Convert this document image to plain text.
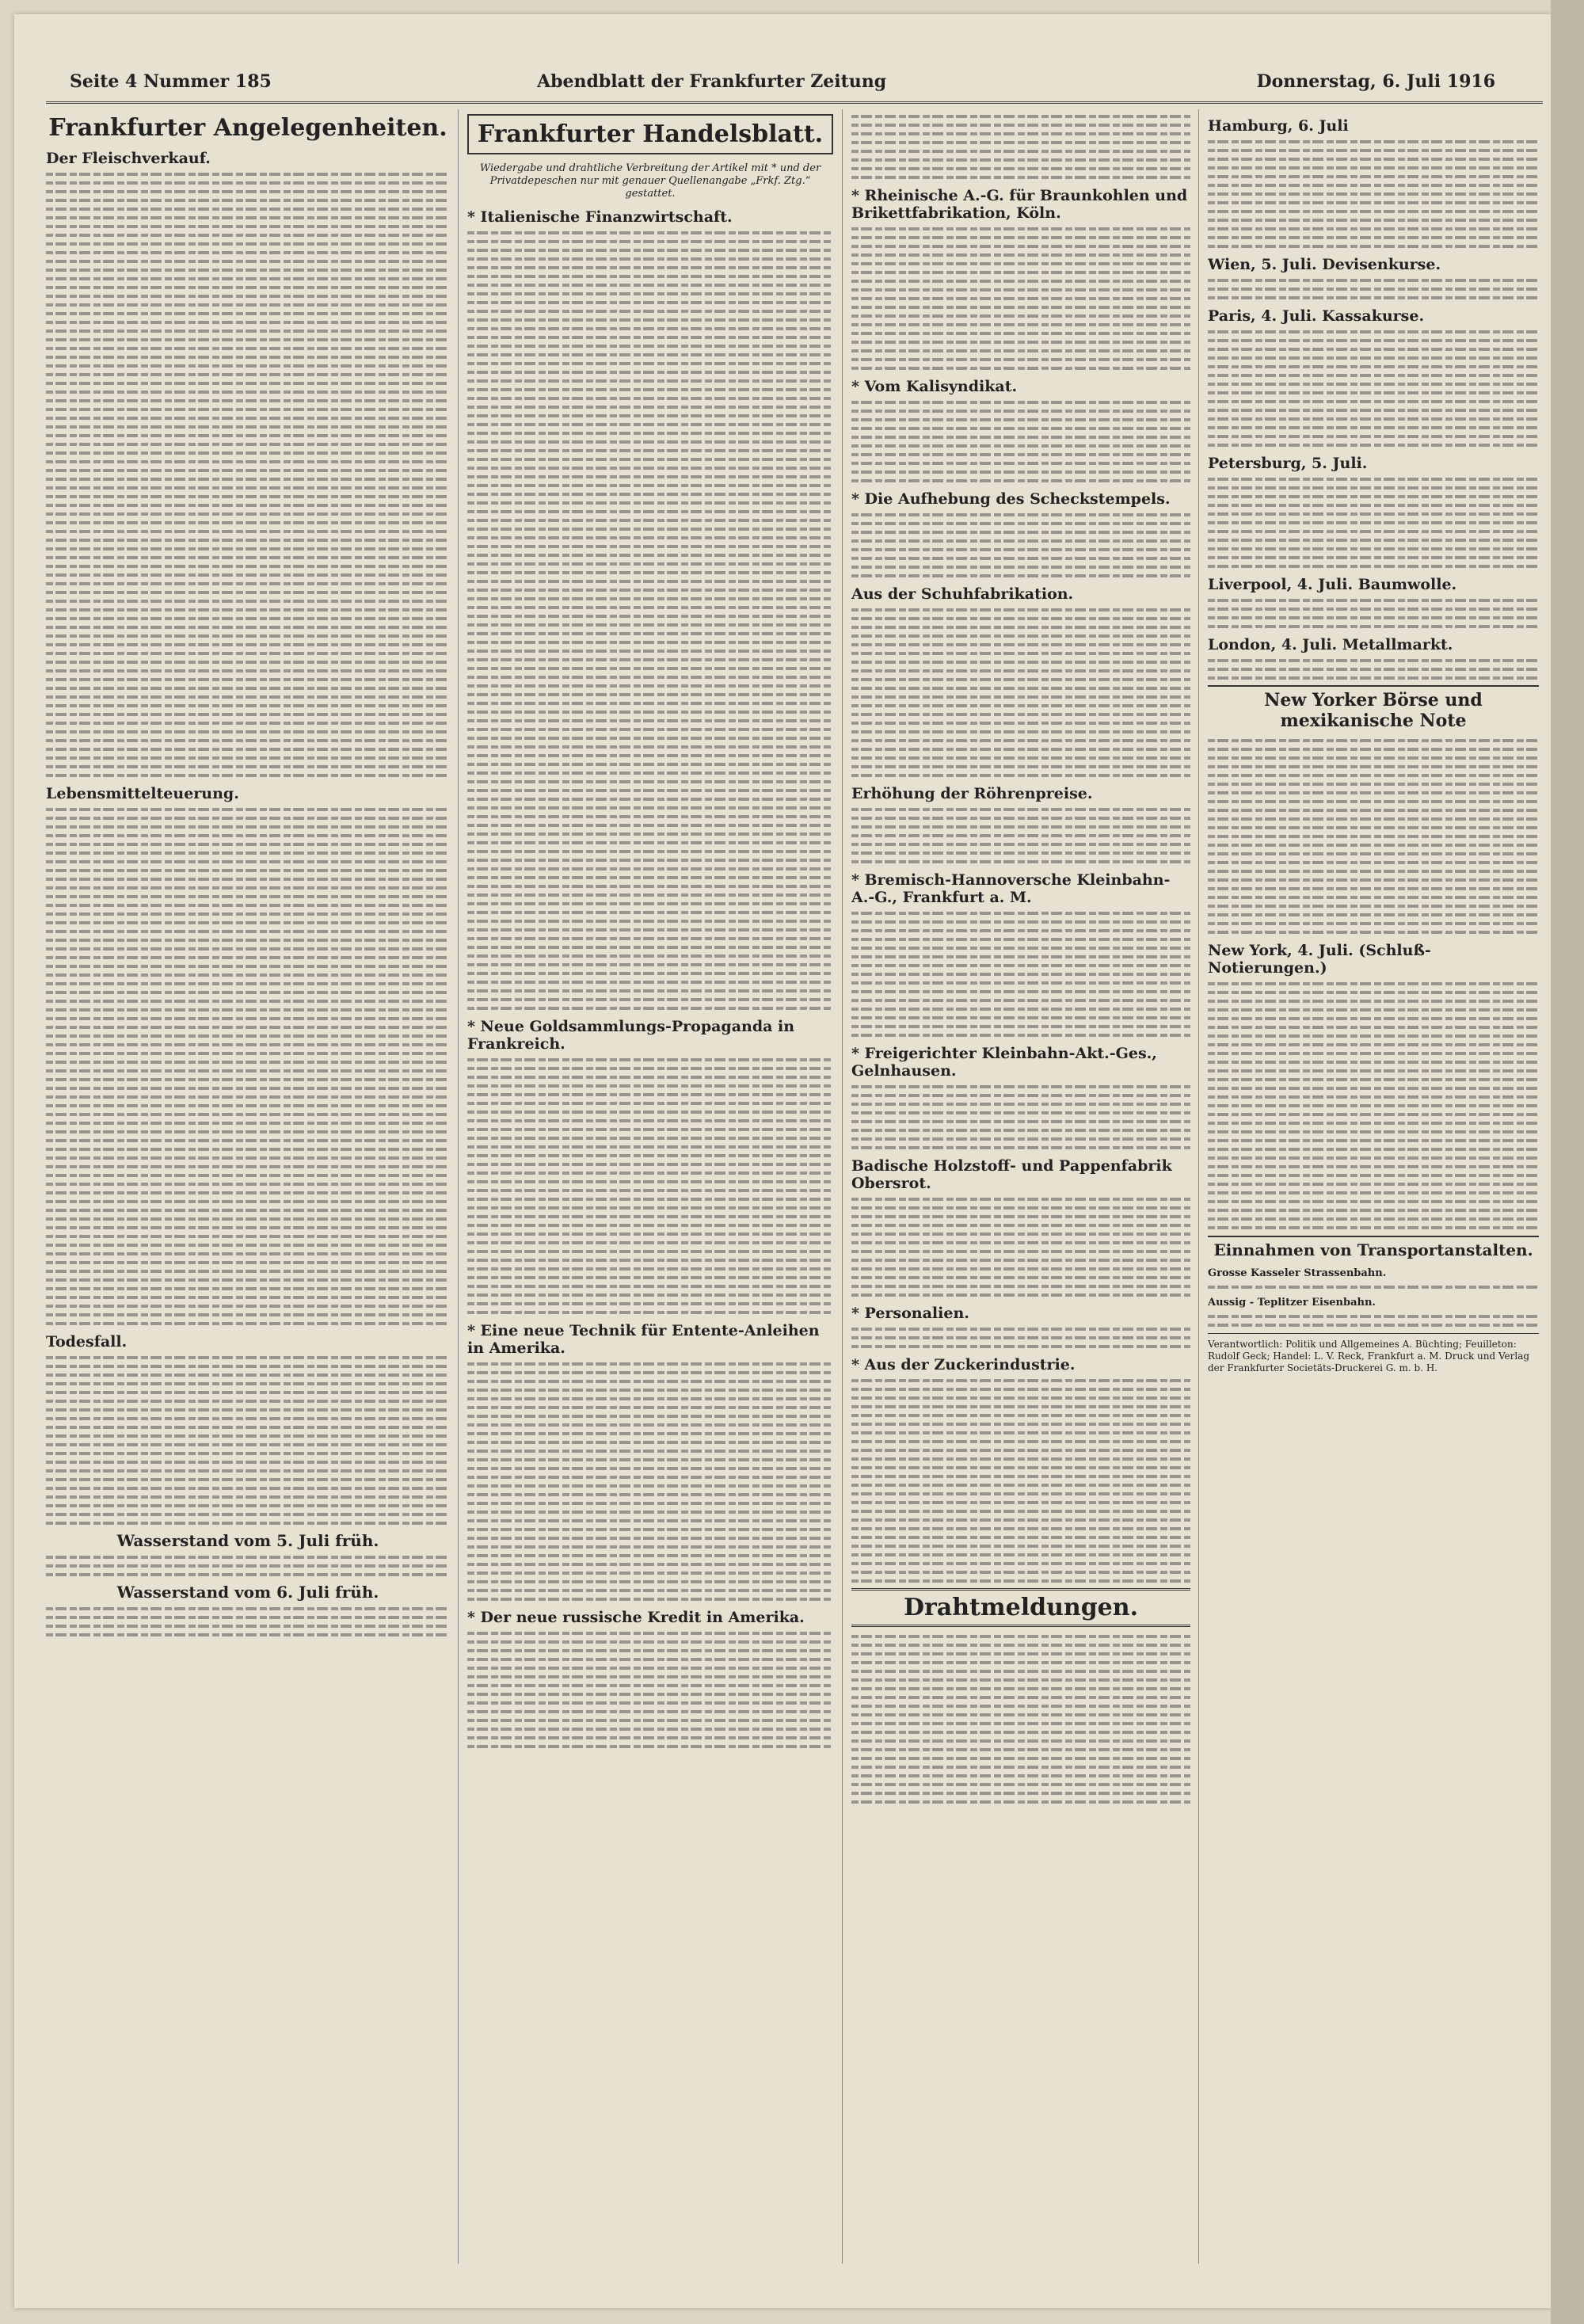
Seite 4 Nummer 185	Abendblatt der Frankfurter Zeitung	Donnerstag, 6. Juli 1916
Frankfurter Angelegenheiten.
Der Fleischverkauf.
Lebensmittelteuerung.
Todesfall.
Wasserstand vom 5. Juli früh.
Wasserstand vom 6. Juli früh.
Frankfurter Handelsblatt.
Wiedergabe und drahtliche Verbreitung der Artikel mit * und der Privatdepeschen nur mit genauer Quellenangabe „Frkf. Ztg.“ gestattet.
* Italienische Finanzwirtschaft.
* Neue Goldsammlungs-Propaganda in Frankreich.
* Eine neue Technik für Entente-Anleihen in Amerika.
* Der neue russische Kredit in Amerika.
* Rheinische A.-G. für Braunkohlen und Brikettfabrikation, Köln.
* Vom Kalisyndikat.
* Die Aufhebung des Scheckstempels.
Aus der Schuhfabrikation.
Erhöhung der Röhrenpreise.
* Bremisch-Hannoversche Kleinbahn-A.-G., Frankfurt a. M.
* Freigerichter Kleinbahn-Akt.-Ges., Gelnhausen.
Badische Holzstoff- und Pappenfabrik Obersrot.
* Personalien.
* Aus der Zuckerindustrie.
Drahtmeldungen.
Hamburg, 6. Juli
Wien, 5. Juli. Devisenkurse.
Paris, 4. Juli. Kassakurse.
Petersburg, 5. Juli.
Liverpool, 4. Juli. Baumwolle.
London, 4. Juli. Metallmarkt.
New Yorker Börse und mexikanische Note
New York, 4. Juli. (Schluß-Notierungen.)
Einnahmen von Transportanstalten.
Grosse Kasseler Strassenbahn.
Aussig - Teplitzer Eisenbahn.
Verantwortlich: Politik und Allgemeines A. Büchting; Feuilleton: Rudolf Geck; Handel: L. V. Reck, Frankfurt a. M. Druck und Verlag der Frankfurter Societäts-Druckerei G. m. b. H.
